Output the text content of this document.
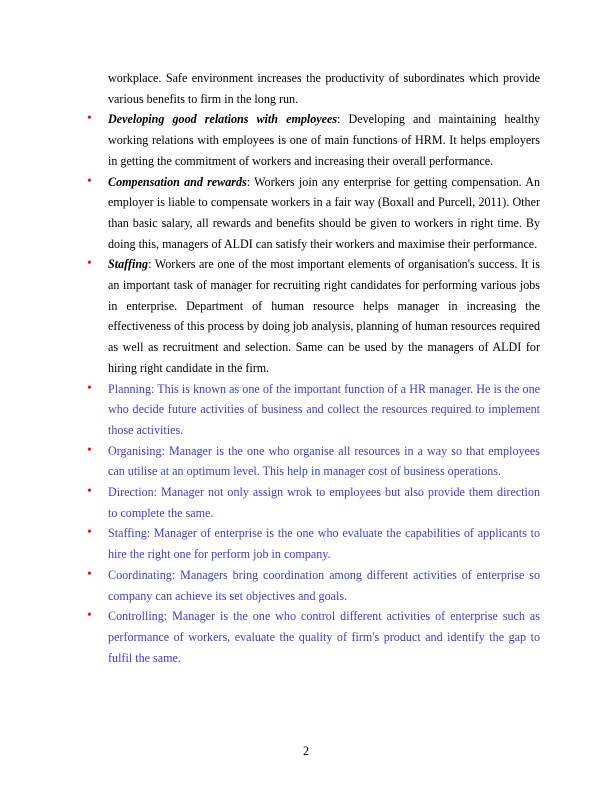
workplace. Safe environment increases the productivity of subordinates which provide various benefits to firm in the long run.

• Developing good relations with employees: Developing and maintaining healthy working relations with employees is one of main functions of HRM. It helps employers in getting the commitment of workers and increasing their overall performance.
• Compensation and rewards: Workers join any enterprise for getting compensation. An employer is liable to compensate workers in a fair way (Boxall and Purcell, 2011). Other than basic salary, all rewards and benefits should be given to workers in right time. By doing this, managers of ALDI can satisfy their workers and maximise their performance.
• Staffing: Workers are one of the most important elements of organisation's success. It is an important task of manager for recruiting right candidates for performing various jobs in enterprise. Department of human resource helps manager in increasing the effectiveness of this process by doing job analysis, planning of human resources required as well as recruitment and selection. Same can be used by the managers of ALDI for hiring right candidate in the firm.
• Planning: This is known as one of the important function of a HR manager. He is the one who decide future activities of business and collect the resources required to implement those activities.
• Organising: Manager is the one who organise all resources in a way so that employees can utilise at an optimum level. This help in manager cost of business operations.
• Direction: Manager not only assign wrok to employees but also provide them direction to complete the same.
• Staffing: Manager of enterprise is the one who evaluate the capabilities of applicants to hire the right one for perform job in company.
• Coordinating: Managers bring coordination among different activities of enterprise so company can achieve its set objectives and goals.
• Controlling: Manager is the one who control different activities of enterprise such as performance of workers, evaluate the quality of firm's product and identify the gap to fulfil the same.
2
